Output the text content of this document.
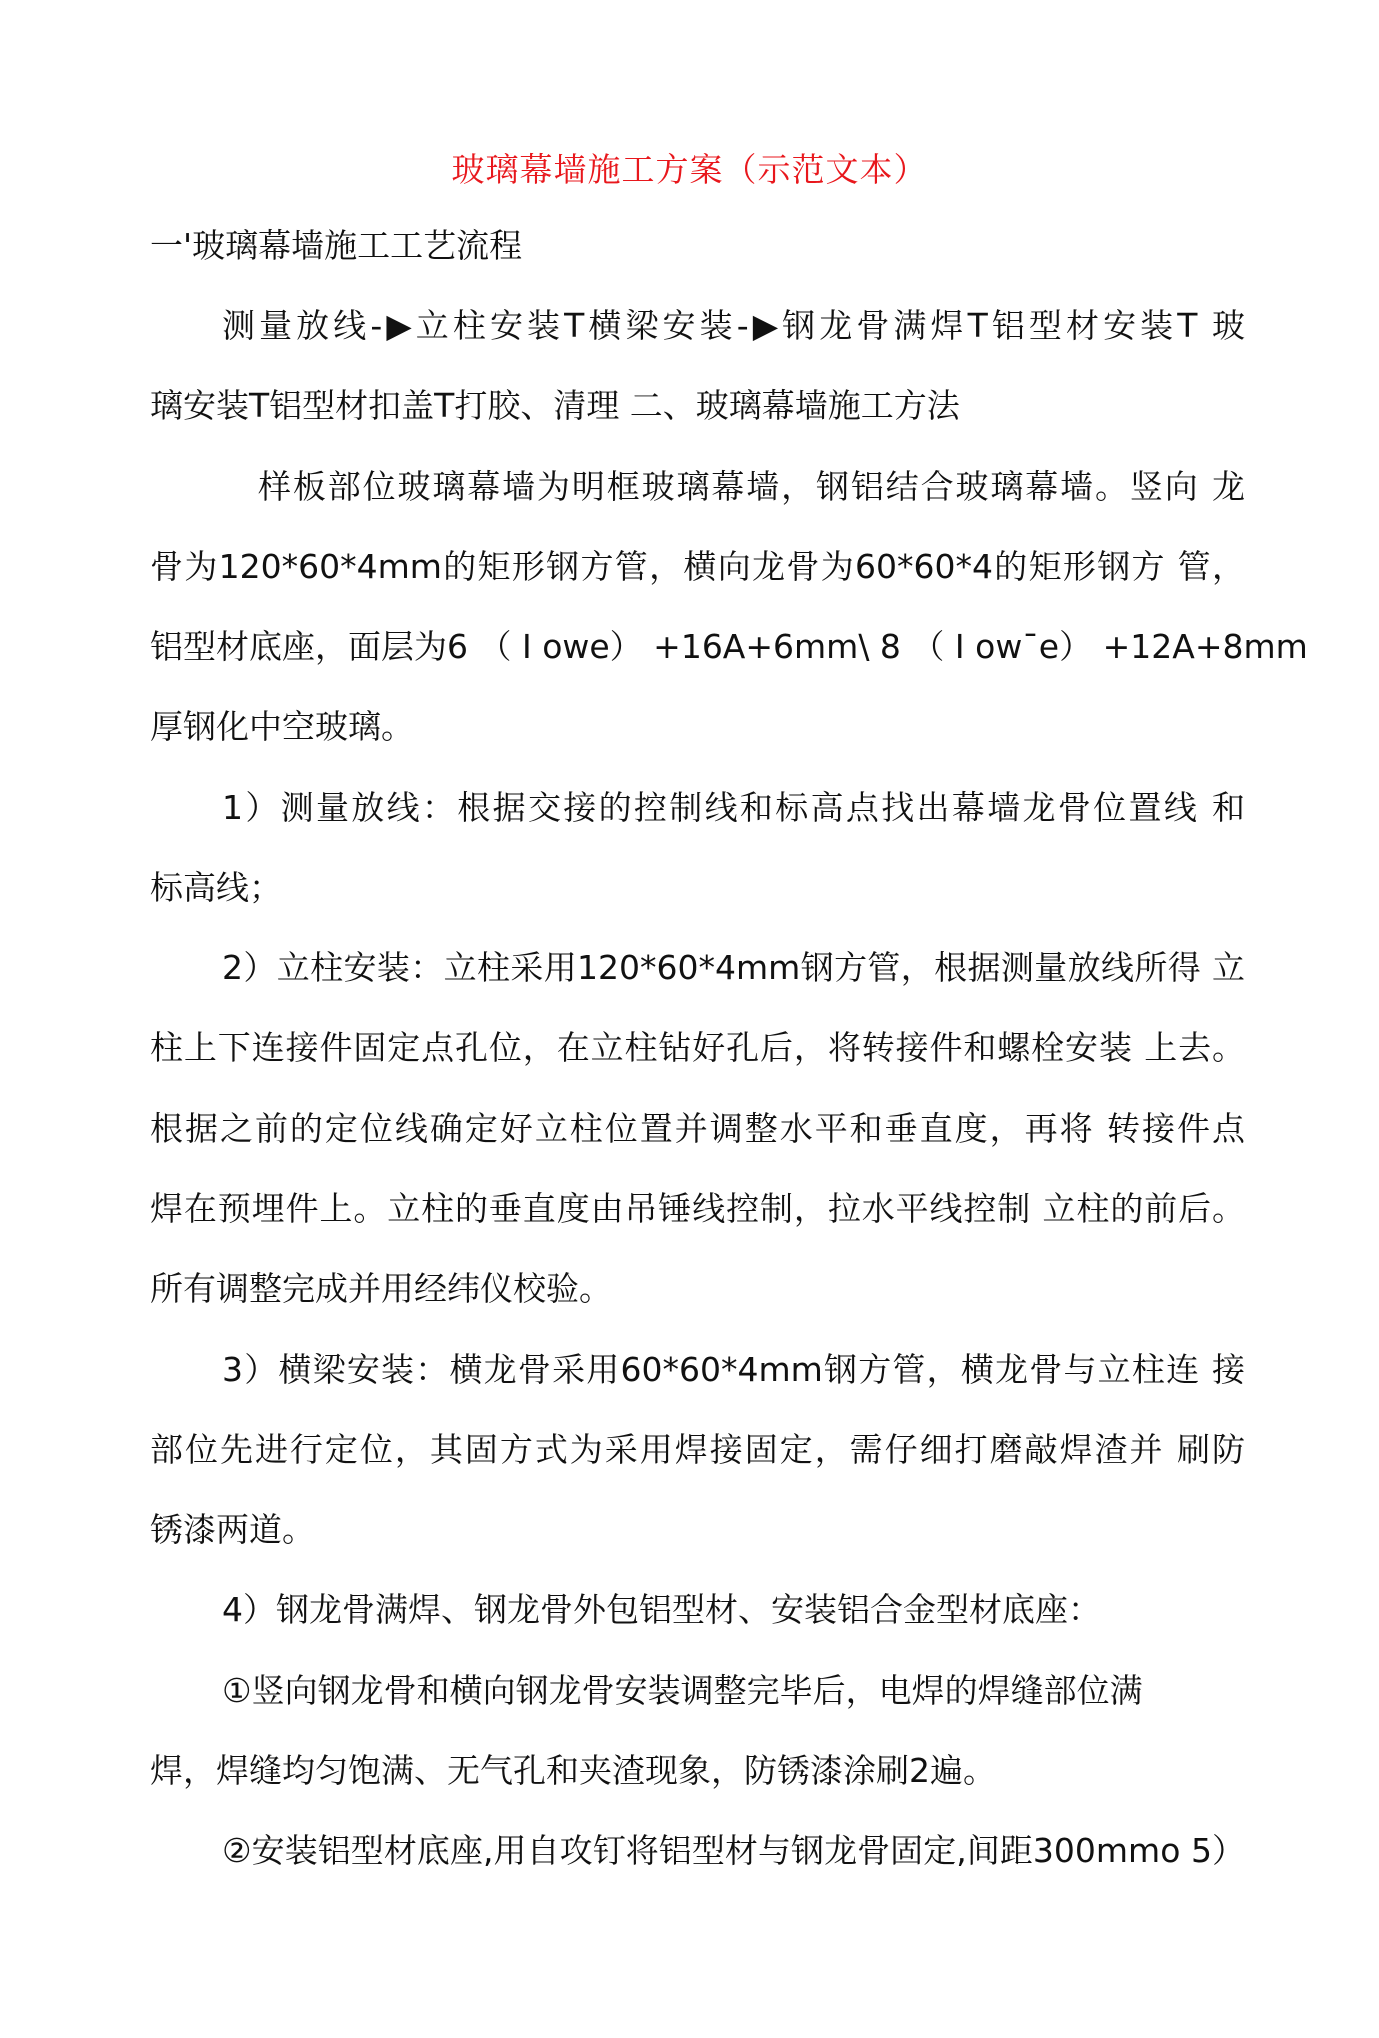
玻璃幕墙施工方案（示范文本）
一'玻璃幕墙施工工艺流程
测量放线-▶立柱安装T横梁安装-▶钢龙骨满焊T铝型材安装T 玻
璃安装T铝型材扣盖T打胶、清理 二、玻璃幕墙施工方法
样板部位玻璃幕墙为明框玻璃幕墙，钢铝结合玻璃幕墙。竖向 龙
骨为120*60*4mm的矩形钢方管，横向龙骨为60*60*4的矩形钢方 管，
铝型材底座，面层为6 （ I owe） +16A+6mm\ 8 （ I ow¯e） +12A+8mm
厚钢化中空玻璃。
1）测量放线：根据交接的控制线和标高点找出幕墙龙骨位置线 和
标高线；
2）立柱安装：立柱采用120*60*4mm钢方管，根据测量放线所得 立
柱上下连接件固定点孔位，在立柱钻好孔后，将转接件和螺栓安装 上去。
根据之前的定位线确定好立柱位置并调整水平和垂直度，再将 转接件点
焊在预埋件上。立柱的垂直度由吊锤线控制，拉水平线控制 立柱的前后。
所有调整完成并用经纬仪校验。
3）横梁安装：横龙骨采用60*60*4mm钢方管，横龙骨与立柱连 接
部位先进行定位，其固方式为采用焊接固定，需仔细打磨敲焊渣并 刷防
锈漆两道。
4）钢龙骨满焊、钢龙骨外包铝型材、安装铝合金型材底座：
①竖向钢龙骨和横向钢龙骨安装调整完毕后，电焊的焊缝部位满
焊，焊缝均匀饱满、无气孔和夹渣现象，防锈漆涂刷2遍。
②安装铝型材底座,用自攻钉将铝型材与钢龙骨固定,间距300mmo 5）
